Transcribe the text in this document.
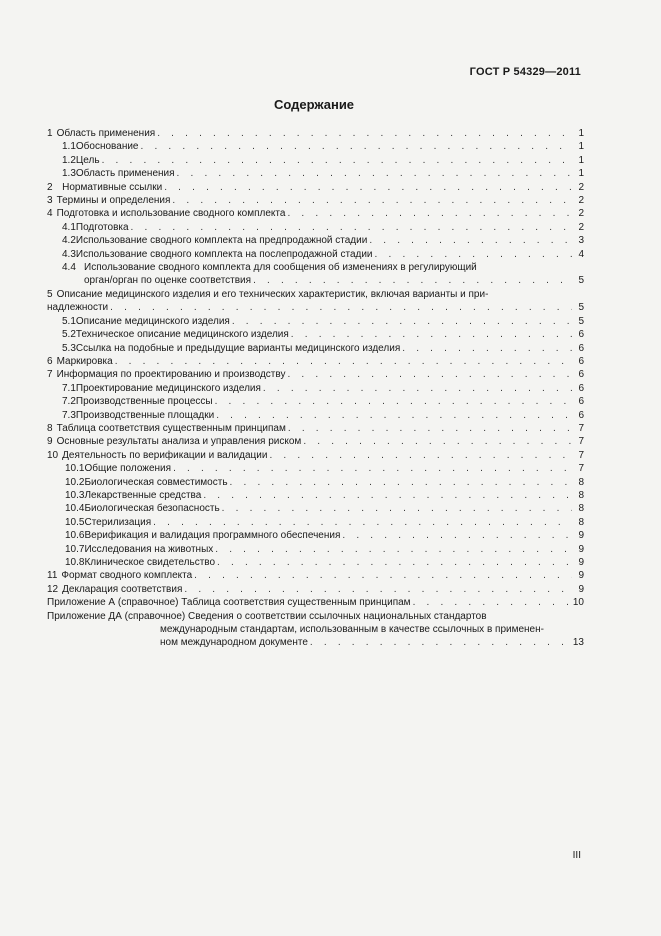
ГОСТ Р 54329—2011
Содержание
1 Область применения . . .	1
1.1 Обоснование . . .	1
1.2 Цель . . .	1
1.3 Область применения . . .	1
2 Нормативные ссылки . . .	2
3 Термины и определения . . .	2
4 Подготовка и использование сводного комплекта . . .	2
4.1 Подготовка . . .	2
4.2 Использование сводного комплекта на предпродажной стадии . . .	3
4.3 Использование сводного комплекта на послепродажной стадии . . .	4
4.4 Использование сводного комплекта для сообщения об изменениях в регулирующий
орган/орган по оценке соответствия . . .	5
5 Описание медицинского изделия и его технических характеристик, включая варианты и при-
надлежности . . .	5
5.1 Описание медицинского изделия . . .	5
5.2 Техническое описание медицинского изделия . . .	6
5.3 Ссылка на подобные и предыдущие варианты медицинского изделия . . .	6
6 Маркировка . . .	6
7 Информация по проектированию и производству . . .	6
7.1 Проектирование медицинского изделия . . .	6
7.2 Производственные процессы . . .	6
7.3 Производственные площадки . . .	6
8 Таблица соответствия существенным принципам . . .	7
9 Основные результаты анализа и управления риском . . .	7
10 Деятельность по верификации и валидации . . .	7
10.1 Общие положения . . .	7
10.2 Биологическая совместимость . . .	8
10.3 Лекарственные средства . . .	8
10.4 Биологическая безопасность . . .	8
10.5 Стерилизация . . .	8
10.6 Верификация и валидация программного обеспечения . . .	9
10.7 Исследования на животных . . .	9
10.8 Клиническое свидетельство . . .	9
11 Формат сводного комплекта . . .	9
12 Декларация соответствия . . .	9
Приложение А (справочное) Таблица соответствия существенным принципам . . .	10
Приложение ДА (справочное) Сведения о соответствии ссылочных национальных стандартов
международным стандартам, использованным в качестве ссылочных в применен-
ном международном документе . . .	13
III
